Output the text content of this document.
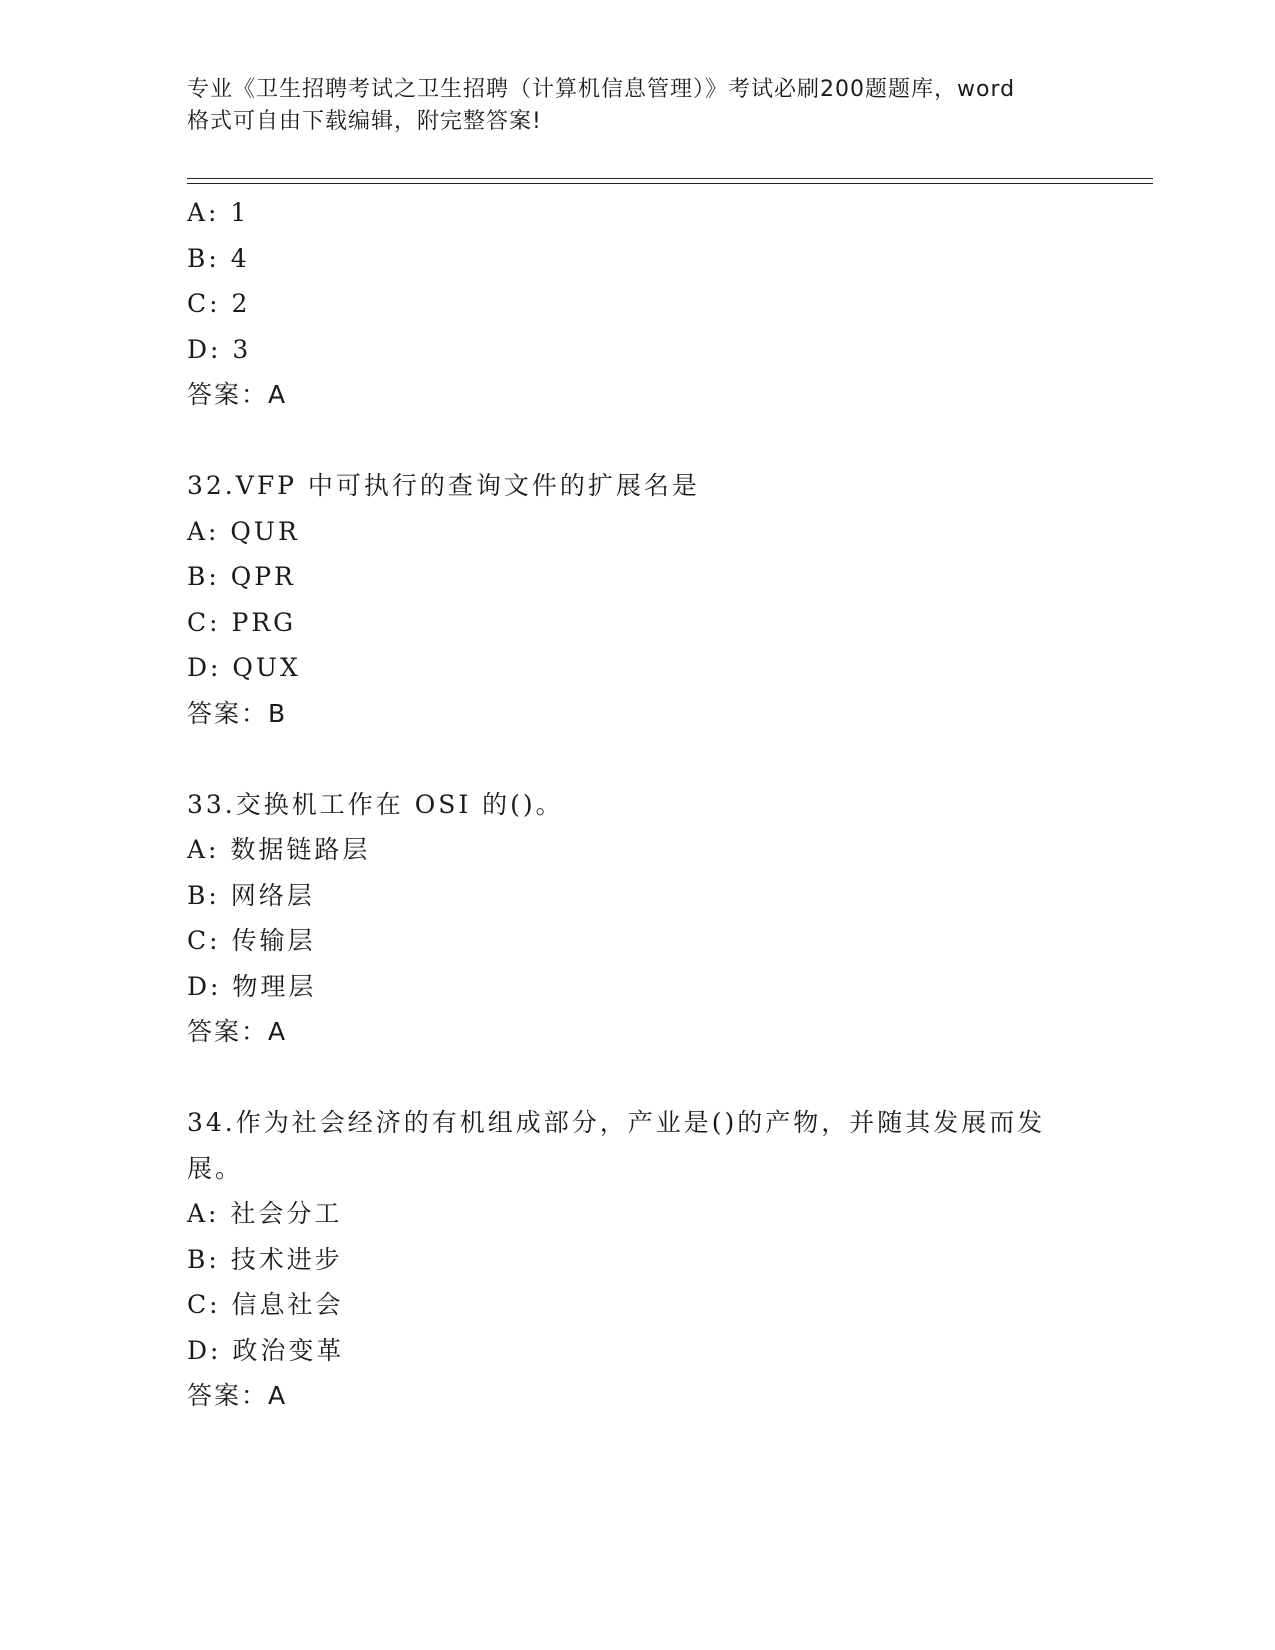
专业《卫生招聘考试之卫生招聘（计算机信息管理）》考试必刷200题题库，word
格式可自由下载编辑，附完整答案!
A: 1
B: 4
C: 2
D: 3
答案：A
32.VFP 中可执行的查询文件的扩展名是
A: QUR
B: QPR
C: PRG
D: QUX
答案：B
33.交换机工作在 OSI 的()。
A: 数据链路层
B: 网络层
C: 传输层
D: 物理层
答案：A
34.作为社会经济的有机组成部分，产业是()的产物，并随其发展而发
展。
A: 社会分工
B: 技术进步
C: 信息社会
D: 政治变革
答案：A
